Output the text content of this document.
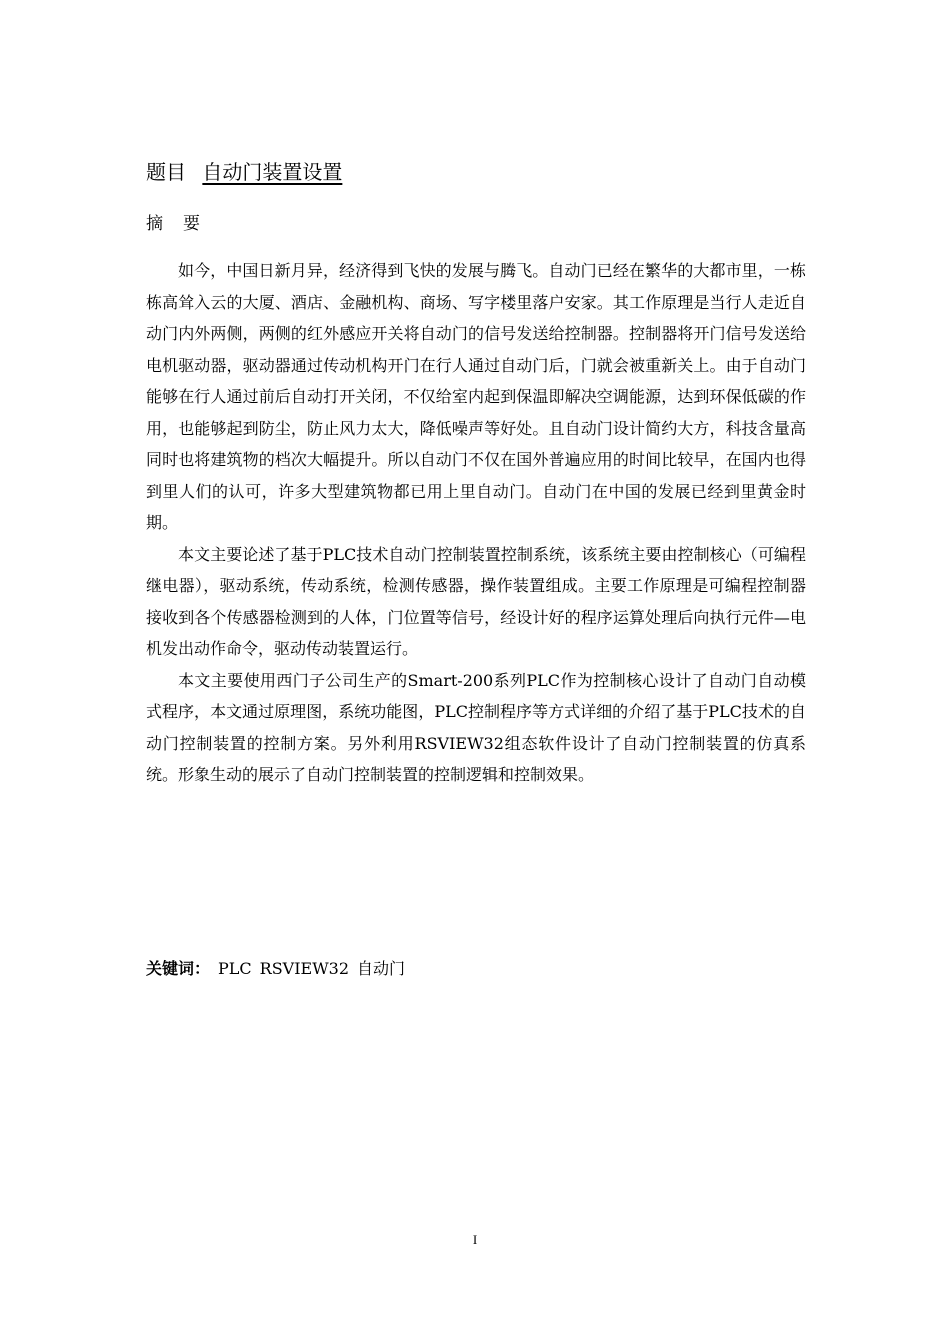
题目 自动门装置设置
摘要

如今，中国日新月异，经济得到飞快的发展与腾飞。自动门已经在繁华的大都市里，一栋栋高耸入云的大厦、酒店、金融机构、商场、写字楼里落户安家。其工作原理是当行人走近自动门内外两侧，两侧的红外感应开关将自动门的信号发送给控制器。控制器将开门信号发送给电机驱动器，驱动器通过传动机构开门在行人通过自动门后，门就会被重新关上。由于自动门能够在行人通过前后自动打开关闭，不仅给室内起到保温即解决空调能源，达到环保低碳的作用，也能够起到防尘，防止风力太大，降低噪声等好处。且自动门设计简约大方，科技含量高同时也将建筑物的档次大幅提升。所以自动门不仅在国外普遍应用的时间比较早，在国内也得到里人们的认可，许多大型建筑物都已用上里自动门。自动门在中国的发展已经到里黄金时期。

本文主要论述了基于PLC技术自动门控制装置控制系统，该系统主要由控制核心（可编程继电器），驱动系统，传动系统，检测传感器，操作装置组成。主要工作原理是可编程控制器接收到各个传感器检测到的人体，门位置等信号，经设计好的程序运算处理后向执行元件—电机发出动作命令，驱动传动装置运行。

本文主要使用西门子公司生产的Smart-200系列PLC作为控制核心设计了自动门自动模式程序，本文通过原理图，系统功能图，PLC控制程序等方式详细的介绍了基于PLC技术的自动门控制装置的控制方案。另外利用RSVIEW32组态软件设计了自动门控制装置的仿真系统。形象生动的展示了自动门控制装置的控制逻辑和控制效果。

关键词： PLC RSVIEW32 自动门
I
